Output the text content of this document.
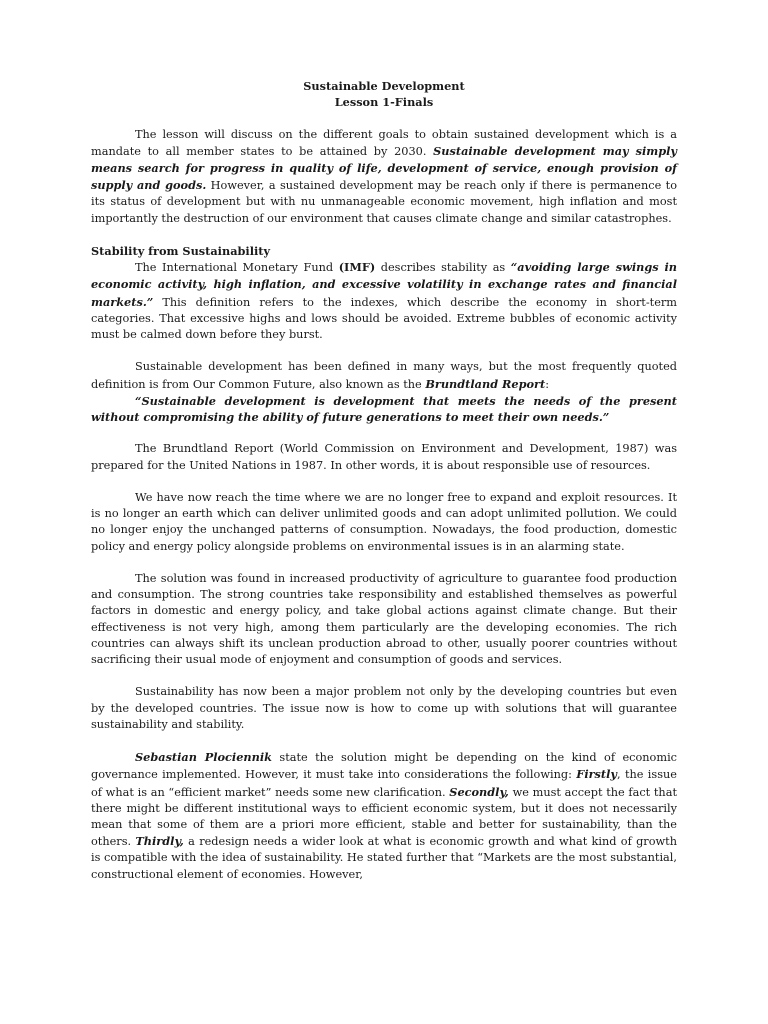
Sustainable Development

Lesson 1-Finals

The lesson will discuss on the different goals to obtain sustained development which is a mandate to all member states to be attained by 2030. Sustainable development may simply means search for progress in quality of life, development of service, enough provision of supply and goods. However, a sustained development may be reach only if there is permanence to its status of development but with nu unmanageable economic movement, high inflation and most importantly the destruction of our environment that causes climate change and similar catastrophes.

Stability from Sustainability

The International Monetary Fund (IMF) describes stability as “avoiding large swings in economic activity, high inflation, and excessive volatility in exchange rates and financial markets.” This definition refers to the indexes, which describe the economy in short-term categories. That excessive highs and lows should be avoided. Extreme bubbles of economic activity must be calmed down before they burst.

Sustainable development has been defined in many ways, but the most frequently quoted definition is from Our Common Future, also known as the Brundtland Report:

“Sustainable development is development that meets the needs of the present without compromising the ability of future generations to meet their own needs.”

The Brundtland Report (World Commission on Environment and Development, 1987) was prepared for the United Nations in 1987. In other words, it is about responsible use of resources.

We have now reach the time where we are no longer free to expand and exploit resources. It is no longer an earth which can deliver unlimited goods and can adopt unlimited pollution. We could no longer enjoy the unchanged patterns of consumption. Nowadays, the food production, domestic policy and energy policy alongside problems on environmental issues is in an alarming state.

The solution was found in increased productivity of agriculture to guarantee food production and consumption. The strong countries take responsibility and established themselves as powerful factors in domestic and energy policy, and take global actions against climate change. But their effectiveness is not very high, among them particularly are the developing economies. The rich countries can always shift its unclean production abroad to other, usually poorer countries without sacrificing their usual mode of enjoyment and consumption of goods and services.

Sustainability has now been a major problem not only by the developing countries but even by the developed countries. The issue now is how to come up with solutions that will guarantee sustainability and stability.

Sebastian Plociennik state the solution might be depending on the kind of economic governance implemented. However, it must take into considerations the following: Firstly, the issue of what is an “efficient market” needs some new clarification. Secondly, we must accept the fact that there might be different institutional ways to efficient economic system, but it does not necessarily mean that some of them are a priori more efficient, stable and better for sustainability, than the others. Thirdly, a redesign needs a wider look at what is economic growth and what kind of growth is compatible with the idea of sustainability. He stated further that “Markets are the most substantial, constructional element of economies. However,
